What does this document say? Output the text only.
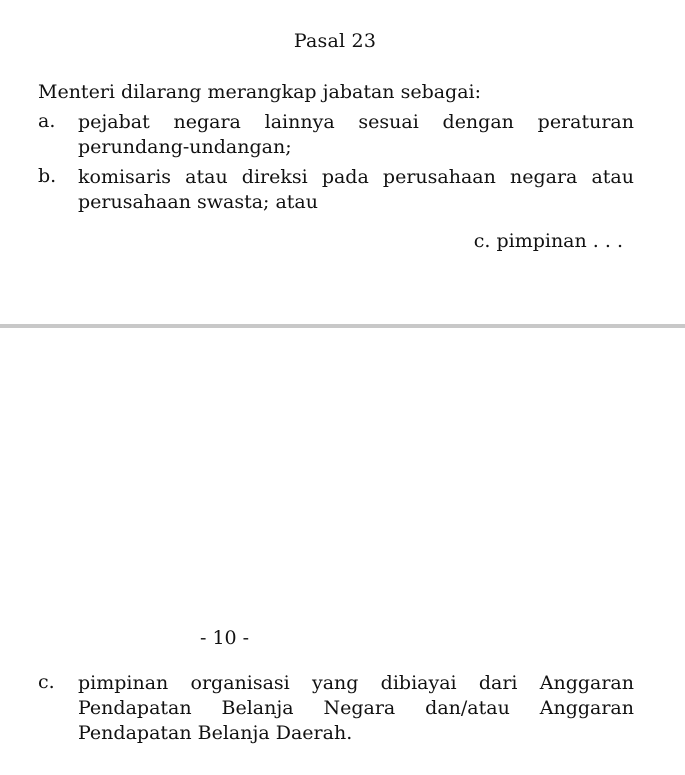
Pasal 23
Menteri dilarang merangkap jabatan sebagai:
a. pejabat negara lainnya sesuai dengan peraturan
perundang-undangan;
b. komisaris atau direksi pada perusahaan negara atau
perusahaan swasta; atau
c. pimpinan . . .
- 10 -
c. pimpinan organisasi yang dibiayai dari Anggaran
Pendapatan Belanja Negara dan/atau Anggaran
Pendapatan Belanja Daerah.
